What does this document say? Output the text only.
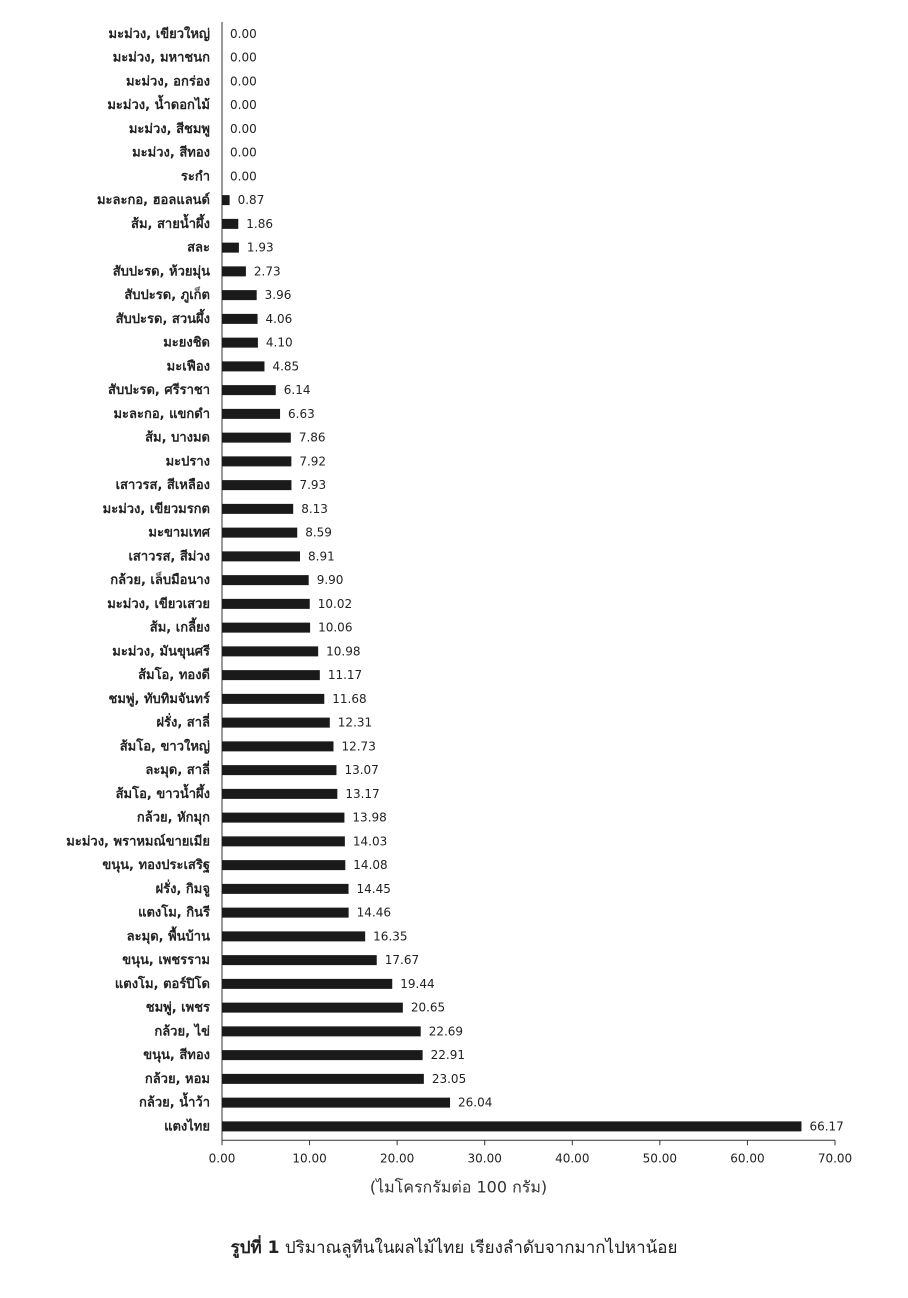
มะม่วง, เขียวใหญ่ 0.00
มะม่วง, มหาชนก 0.00
มะม่วง, อกร่อง 0.00
มะม่วง, น้ำดอกไม้ 0.00
มะม่วง, สีชมพู 0.00
มะม่วง, สีทอง 0.00
ระกำ 0.00
มะละกอ, ฮอลแลนด์ 0.87
ส้ม, สายน้ำผึ้ง	1.86
สละ	1.93
สับปะรด, ห้วยมุ่น	2.73
สับปะรด, ภูเก็ต	3.96
สับปะรด, สวนผึ้ง	4.06
มะยงชิด	4.10
มะเฟือง	4.85
สับปะรด, ศรีราชา	6.14
มะละกอ, แขกดำ	6.63
ส้ม, บางมด	7.86
มะปราง	7.92
เสาวรส, สีเหลือง	7.93
มะม่วง, เขียวมรกต	8.13
มะขามเทศ	8.59
เสาวรส, สีม่วง	8.91
กล้วย, เล็บมือนาง	9.90
มะม่วง, เขียวเสวย	10.02
ส้ม, เกลี้ยง	10.06
มะม่วง, มันขุนศรี	10.98
ส้มโอ, ทองดี	11.17
ชมพู่, ทับทิมจันทร์	11.68
ฝรั่ง, สาลี่	12.31
ส้มโอ, ขาวใหญ่	12.73
ละมุด, สาลี่	13.07
ส้มโอ, ขาวน้ำผึ้ง	13.17
กล้วย, หักมุก	13.98
มะม่วง, พราหมณ์ขายเมีย	14.03
ขนุน, ทองประเสริฐ	14.08
ฝรั่ง, กิมจู	14.45
แตงโม, กินรี	14.46
ละมุด, พื้นบ้าน	16.35
ขนุน, เพชรราม	17.67
แตงโม, ตอร์ปิโด	19.44
ชมพู่, เพชร	20.65
กล้วย, ไข่	22.69
ขนุน, สีทอง	22.91
กล้วย, หอม	23.05
กล้วย, น้ำว้า	26.04
แตงไทย	66.17
0.00	10.00	20.00	30.00	40.00	50.00	60.00	70.00
(ไมโครกรัมต่อ 100 กรัม)
รูปที่ 1 ปริมาณลูทีนในผลไม้ไทย เรียงลำดับจากมากไปหาน้อย
